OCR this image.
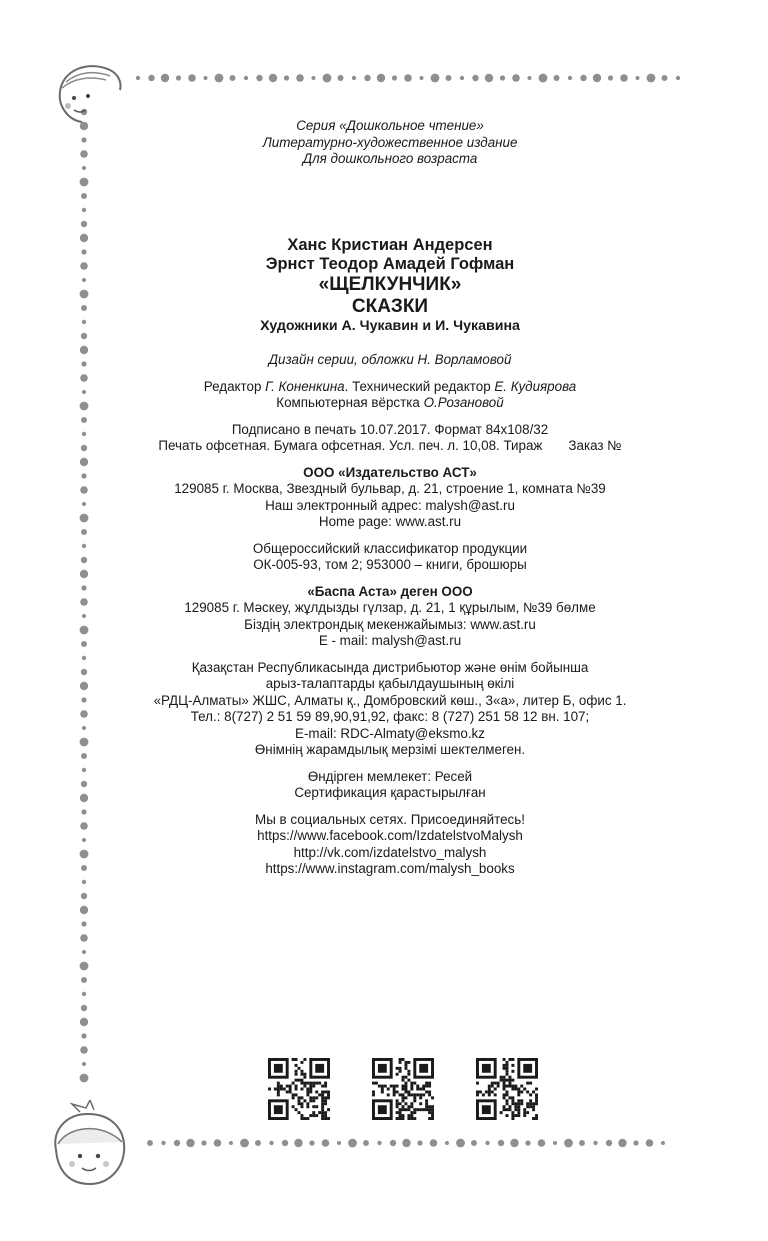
Серия «Дошкольное чтение»

Литературно-художественное издание

Для дошкольного возраста

Ханс Кристиан Андерсен

Эрнст Теодор Амадей Гофман

«ЩЕЛКУНЧИК»

СКАЗКИ

Художники А. Чукавин и И. Чукавина

Дизайн серии, обложки Н. Ворламовой

Редактор Г. Коненкина. Технический редактор Е. Кудиярова

Компьютерная вёрстка О.Розановой

Подписано в печать 10.07.2017. Формат 84х108/32

Печать офсетная. Бумага офсетная. Усл. печ. л. 10,08. Тираж       Заказ №

ООО «Издательство АСТ»

129085 г. Москва, Звездный бульвар, д. 21, строение 1, комната №39

Наш электронный адрес: malysh@ast.ru

Home page: www.ast.ru

Общероссийский классификатор продукции

ОК-005-93, том 2; 953000 – книги, брошюры

«Баспа Аста» деген ООО

129085 г. Мәскеу, жұлдызды гүлзар, д. 21, 1 құрылым, №39 бөлме

Біздің электрондық мекенжайымыз: www.ast.ru

E - mail: malysh@ast.ru

Қазақстан Республикасында дистрибьютор және өнім бойынша

арыз-талаптарды қабылдаушының өкілі

«РДЦ-Алматы» ЖШС, Алматы қ., Домбровский көш., 3«а», литер Б, офис 1.

Тел.: 8(727) 2 51 59 89,90,91,92, факс: 8 (727) 251 58 12 вн. 107;

E-mail: RDC-Almaty@eksmo.kz

Өнімнің жарамдылық мерзімі шектелмеген.

Өндірген мемлекет: Ресей

Сертификация қарастырылған

Мы в социальных сетях. Присоединяйтесь!

https://www.facebook.com/IzdatelstvoMalysh

http://vk.com/izdatelstvo_malysh

https://www.instagram.com/malysh_books
